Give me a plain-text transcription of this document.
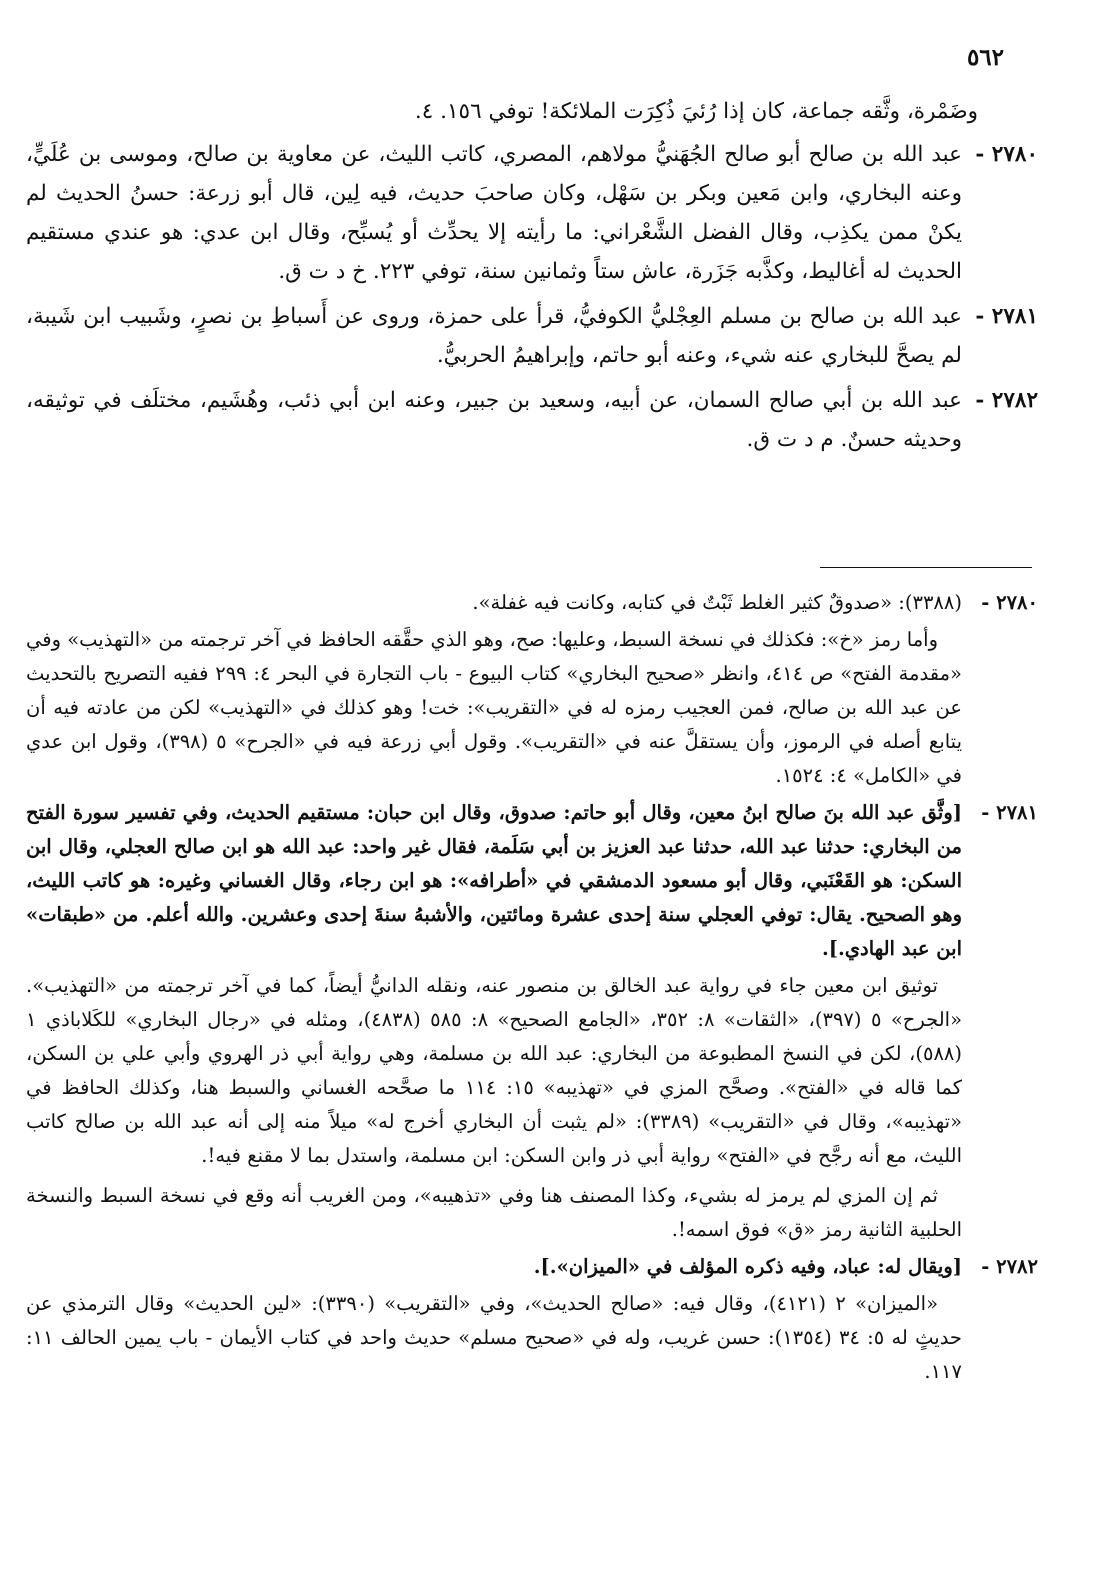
٥٦٢

وضَمْرة، وثَّقه جماعة، كان إذا رُئيَ ذُكِرَت الملائكة! توفي ١٥٦. ٤.

٢٧٨٠ -
عبد الله بن صالح أبو صالح الجُهَنيُّ مولاهم، المصري، كاتب الليث، عن معاوية بن صالح، وموسى بن عُلَيٍّ، وعنه البخاري، وابن مَعين وبكر بن سَهْل، وكان صاحبَ حديث، فيه لِين، قال أبو زرعة: حسنُ الحديث لم يكنْ ممن يكذِب، وقال الفضل الشَّعْراني: ما رأيته إلا يحدِّث أو يُسبِّح، وقال ابن عدي: هو عندي مستقيم الحديث له أغاليط، وكذَّبه جَزَرة، عاش ستاً وثمانين سنة، توفي ٢٢٣. خ د ت ق.
٢٧٨١ -
عبد الله بن صالح بن مسلم العِجْليُّ الكوفيُّ، قرأ على حمزة، وروى عن أَسباطِ بن نصرٍ، وشَبيب ابن شَيبة، لم يصحَّ للبخاري عنه شيء، وعنه أبو حاتم، وإبراهيمُ الحربيُّ.
٢٧٨٢ -
عبد الله بن أبي صالح السمان، عن أبيه، وسعيد بن جبير، وعنه ابن أبي ذئب، وهُشَيم، مختلَف في توثيقه، وحديثه حسنٌ. م د ت ق.
٢٧٨٠ -

(٣٣٨٨): «صدوقٌ كثير الغلط ثَبْتٌ في كتابه، وكانت فيه غفلة».

وأما رمز «خ»: فكذلك في نسخة السبط، وعليها: صح، وهو الذي حقَّقه الحافظ في آخر ترجمته من «التهذيب» وفي «مقدمة الفتح» ص ٤١٤، وانظر «صحيح البخاري» كتاب البيوع - باب التجارة في البحر ٤: ٢٩٩ ففيه التصريح بالتحديث عن عبد الله بن صالح، فمن العجيب رمزه له في «التقريب»: خت! وهو كذلك في «التهذيب» لكن من عادته فيه أن يتابع أصله في الرموز، وأن يستقلَّ عنه في «التقريب». وقول أبي زرعة فيه في «الجرح» ٥ (٣٩٨)، وقول ابن عدي في «الكامل» ٤: ١٥٢٤.

٢٧٨١ -

[وثَّق عبد الله بنَ صالح ابنُ معين، وقال أبو حاتم: صدوق، وقال ابن حبان: مستقيم الحديث، وفي تفسير سورة الفتح من البخاري: حدثنا عبد الله، حدثنا عبد العزيز بن أبي سَلَمة، فقال غير واحد: عبد الله هو ابن صالح العجلي، وقال ابن السكن: هو القَعْنَبي، وقال أبو مسعود الدمشقي في «أطرافه»: هو ابن رجاء، وقال الغساني وغيره: هو كاتب الليث، وهو الصحيح. يقال: توفي العجلي سنة إحدى عشرة ومائتين، والأشبهُ سنةَ إحدى وعشرين. والله أعلم. من «طبقات» ابن عبد الهادي.].

توثيق ابن معين جاء في رواية عبد الخالق بن منصور عنه، ونقله الدانيُّ أيضاً، كما في آخر ترجمته من «التهذيب». «الجرح» ٥ (٣٩٧)، «الثقات» ٨: ٣٥٢، «الجامع الصحيح» ٨: ٥٨٥ (٤٨٣٨)، ومثله في «رجال البخاري» للكَلاباذي ١ (٥٨٨)، لكن في النسخ المطبوعة من البخاري: عبد الله بن مسلمة، وهي رواية أبي ذر الهروي وأبي علي بن السكن، كما قاله في «الفتح». وصحَّح المزي في «تهذيبه» ١٥: ١١٤ ما صحَّحه الغساني والسبط هنا، وكذلك الحافظ في «تهذيبه»، وقال في «التقريب» (٣٣٨٩): «لم يثبت أن البخاري أخرج له» ميلاً منه إلى أنه عبد الله بن صالح كاتب الليث، مع أنه رجَّح في «الفتح» رواية أبي ذر وابن السكن: ابن مسلمة، واستدل بما لا مقنع فيه!.

ثم إن المزي لم يرمز له بشيء، وكذا المصنف هنا وفي «تذهيبه»، ومن الغريب أنه وقع في نسخة السبط والنسخة الحلبية الثانية رمز «ق» فوق اسمه!.

٢٧٨٢ -

[ويقال له: عباد، وفيه ذكره المؤلف في «الميزان».].

«الميزان» ٢ (٤١٢١)، وقال فيه: «صالح الحديث»، وفي «التقريب» (٣٣٩٠): «لين الحديث» وقال الترمذي عن حديثٍ له ٥: ٣٤ (١٣٥٤): حسن غريب، وله في «صحيح مسلم» حديث واحد في كتاب الأيمان - باب يمين الحالف ١١: ١١٧.
